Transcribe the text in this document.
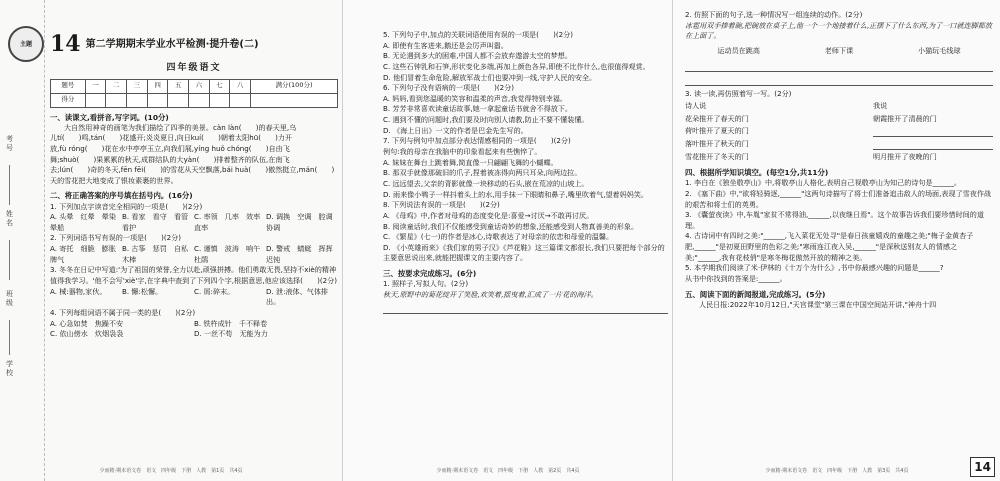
主题
考号
姓名
班级
学校
14 第二学期期末学业水平检测·提升卷(二)
四年级语文
题号	一	二	三	四	五	六	七	八	满分(100分)
得分									
一、读课文,看拼音,写字词。(10分)

大自然用神奇的画笔为我们描绘了四季的美景。càn làn(　　)的春天里,乌

儿tí(　　)鸣,tán(　　)花盛开;炎炎夏日,向日kuí(　　)朝着太阳hū(　　)力开

放,fù róng(　　)花在水中亭亭玉立,向我们展,yíng huǒ chóng(　　)自由飞

舞;shuò(　　)果累累的秋天,成群结队的大yàn(　　)排着整齐的队伍,在南飞

去;lún(　　)奇的冬天,fēn fēi(　　)的雪花从天空飘落,bái huà(　　)傲然挺立,mán(　　)天的雪花把大地变成了银妆素裹的世界。

二、将正确答案的序号填在括号内。(16分)

1. 下列加点字读音完全相同的一项是(　　)(2分)

A. 头晕　红晕　晕染　晕船
B. 看家　看守　看管　看护
C. 率领　几率　效率　直率
D. 调换　空调　腔调　协调

2. 下列词语书写有误的一项是(　　)(2分)

A. 寄托　细脆　膨胀　牌气
B. 古筝　惩罚　自私　木棒
C. 谨慎　波涛　响午　杜鹃
D. 警戒　蜻蜓　挥挥　迟钝

3. 冬冬在日记中写道:'为了祖国的荣誉,全力以赴,顽强拼搏。他们勇敢无畏,坚持不xiè的精神值得我学习。'他不会写'xiè'字,在字典中查到了下列四个字,根据意思,他应该选择(　　)(2分)

A. 械:器物,家伙。	B. 懈:松懈。	C. 屑:碎末。	D. 泄:液体、气体排出。

4. 下列每组词语不属于同一类的是(　　)(2分)

A. 心急如焚　焦躁不安	B. 铁杵成针　千不释卷
C. 依山傍水　炊烟袅袅	D. 一丝不苟　无能为力
少而精·期末语文卷　语文　四年级　下册　人教　第1页　共4页

5. 下列句子中,加点的关联词语使用有误的一项是(　　)(2分)

A. 即使有生客进来,鹅还是会厉声叫嚣。

B. 无论遇到多大的困难,中国人都不会放弃遨游太空的梦想。

C. 这些石钟乳和石笋,形状变化多端,再加上颜色各异,即使不比作什么,也很值得观赏。

D. 他们冒着生命危险,解放军战士们也要冲到一线,守护人民的安全。

6. 下列句子没有语病的一项是(　　)(2分)

A. 妈妈,看到您温暖的笑容和温柔的声音,我觉得特别幸福。

B. 芳芳非常喜欢读童话故事,她一拿起童话书就舍不得放下。

C. 遇到不懂的问题时,我们要及时向别人请教,防止不要不懂装懂。

D. 《海上日出》一文的作者是巴金先生写的。

7. 下列与例句中加点部分表达情感相同的一项是(　　)(2分)

例句:我的母亲在我脑中的印象看起来有些憔悴了。

A. 妹妹在舞台上跳着舞,简直像一只翩翩飞舞的小蝴蝶。

B. 那双手就像那破旧的爪子,捏着被冻得向两只耳朵,向两边拉。

C. 远远望去,父亲的背影就像一块移动的石头,嵌在荒凉的山坡上。

D. 雨来像小鸭子一样抖着头上的水,用手抹一下眼睛和鼻子,嘴里吹着气,望着妈妈笑。

8. 下列说法有误的一项是(　　)(2分)

A. 《母鸡》中,作者对母鸡的态度变化是:喜爱→讨厌→不敢再讨厌。

B. 阅读童话时,我们不仅能感受到童话奇妙的想象,还能感受到人物真善美的形象。

C. 《繁星》(七一)的作者是冰心,诗歌表达了对母亲的依恋和母爱的温馨。

D. 《小英雄雨来》《我们家的男子汉》《芦花鞋》这三篇课文都很长,我们只要把每个部分的主要意思说出来,就能把握课文的主要内容了。

三、按要求完成练习。(6分)

1. 照样子,写拟人句。(2分)

秋天,原野中的菊花绽开了笑脸,欢笑着,摇曳着,汇成了一片花的海洋。

少而精·期末语文卷　语文　四年级　下册　人教　第2页　共4页

2. 仿照下面的句子,选一种情况写一组连续的动作。(2分)

冰雹用双手捧着碗,把碗放在桌子上,他一个一个地接着什么,正摆下了什么东西,为了一口就连脚都放在上面了。

运动员在跳高	老师下课	小猫玩毛线球

3. 读一读,再仿照着写一写。(2分)

诗人说	我说
花朵推开了春天的门	朝霞推开了清晨的门
荷叶推开了夏天的门
落叶推开了秋天的门
雪花推开了冬天的门	明月推开了夜晚的门
四、根据所学知识填空。(每空1分,共11分)

1. 李白在《独坐敬亭山》中,将敬亭山人格化,表明自己视敬亭山为知己的诗句是______。

2. 《塞下曲》中,"欲将轻骑逐,______"这两句诗描写了将士们准备追击敌人的场面,表现了雪夜作战的艰苦和将士们的英勇。

3. 《囊萤夜读》中,车胤"家贫不常得油,______,以夜继日焉"。这个故事告诉我们要珍惜时间的道理。

4. 古诗词中有四时之美:"______,飞入菜花无处寻"是春日孩童嬉戏的童趣之美;"梅子金黄杏子肥,______"是初夏田野里的色彩之美;"寒雨连江夜入吴,______"是深秋送别友人的情感之美;"______,我有花枝俏"是寒冬梅花傲然开放的精神之美。

5. 本学期我们阅读了米·伊林的《十万个为什么》,书中你最感兴趣的问题是______?

从书中你找到的答案是:______。

五、阅读下面的新闻报道,完成练习。(5分)

人民日报:2022年10月12日,"天宫课堂"第三课在中国空间站开讲,"神舟十四

少而精·期末语文卷　语文　四年级　下册　人教　第3页　共4页	14
